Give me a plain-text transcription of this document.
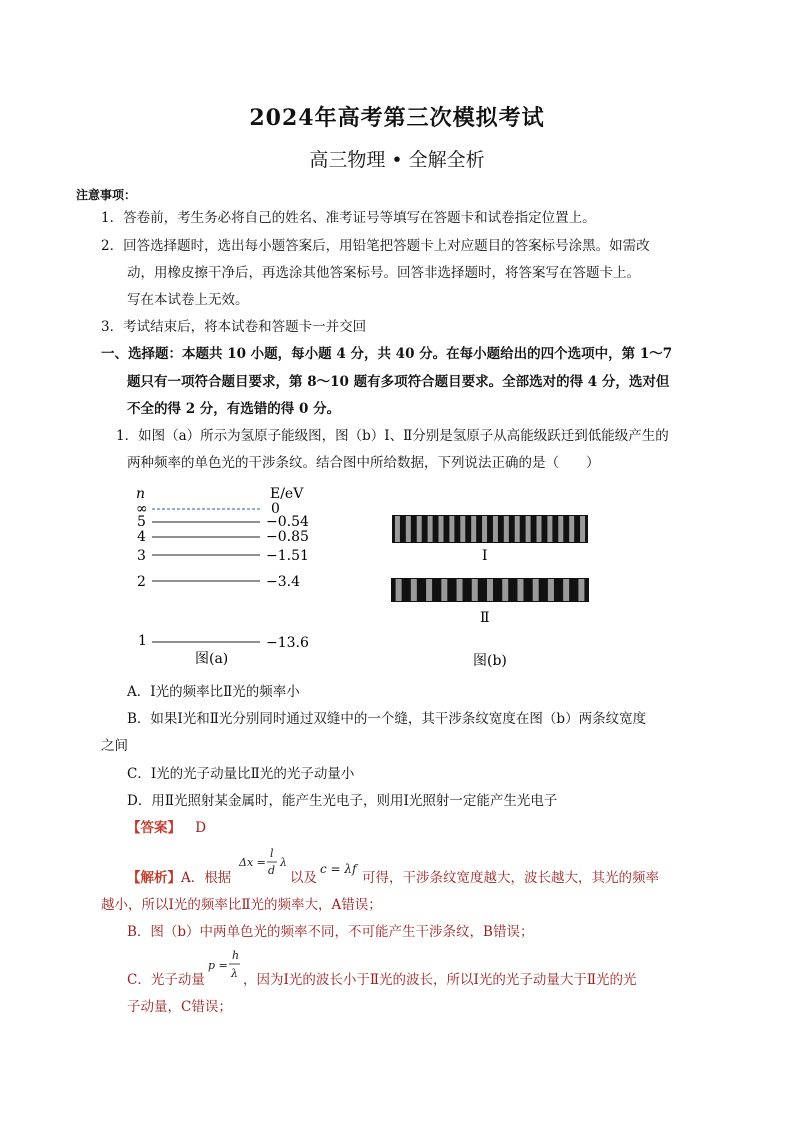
2024年高考第三次模拟考试
高三物理 • 全解全析
注意事项：
1．答卷前，考生务必将自己的姓名、准考证号等填写在答题卡和试卷指定位置上。
2．回答选择题时，选出每小题答案后，用铅笔把答题卡上对应题目的答案标号涂黑。如需改
动，用橡皮擦干净后，再选涂其他答案标号。回答非选择题时，将答案写在答题卡上。
写在本试卷上无效。
3．考试结束后，将本试卷和答题卡一并交回
一、选择题：本题共 10 小题，每小题 4 分，共 40 分。在每小题给出的四个选项中，第 1～7
题只有一项符合题目要求，第 8～10 题有多项符合题目要求。全部选对的得 4 分，选对但
不全的得 2 分，有选错的得 0 分。
1．如图（a）所示为氢原子能级图，图（b）Ⅰ、Ⅱ分别是氢原子从高能级跃迁到低能级产生的
两种频率的单色光的干涉条纹。结合图中所给数据，下列说法正确的是（　　）
n	E/eV
∞
5
4
3
2
1
0
−0.54
−0.85
−1.51
−3.4
−13.6
图(a)
Ⅰ
Ⅱ
图(b)
A．Ⅰ光的频率比Ⅱ光的频率小
B．如果Ⅰ光和Ⅱ光分别同时通过双缝中的一个缝，其干涉条纹宽度在图（b）两条纹宽度
之间
C．Ⅰ光的光子动量比Ⅱ光的光子动量小
D．用Ⅱ光照射某金属时，能产生光电子，则用Ⅰ光照射一定能产生光电子
【答案】 D
【解析】A．根据
Δx =
l
d
λ
以及
c = λf
可得，干涉条纹宽度越大，波长越大，其光的频率
越小，所以Ⅰ光的频率比Ⅱ光的频率大，A错误；
B．图（b）中两单色光的频率不同，不可能产生干涉条纹，B错误；
C．光子动量
p =
h
λ ，因为Ⅰ光的波长小于Ⅱ光的波长，所以Ⅰ光的光子动量大于Ⅱ光的光
子动量，C错误；
